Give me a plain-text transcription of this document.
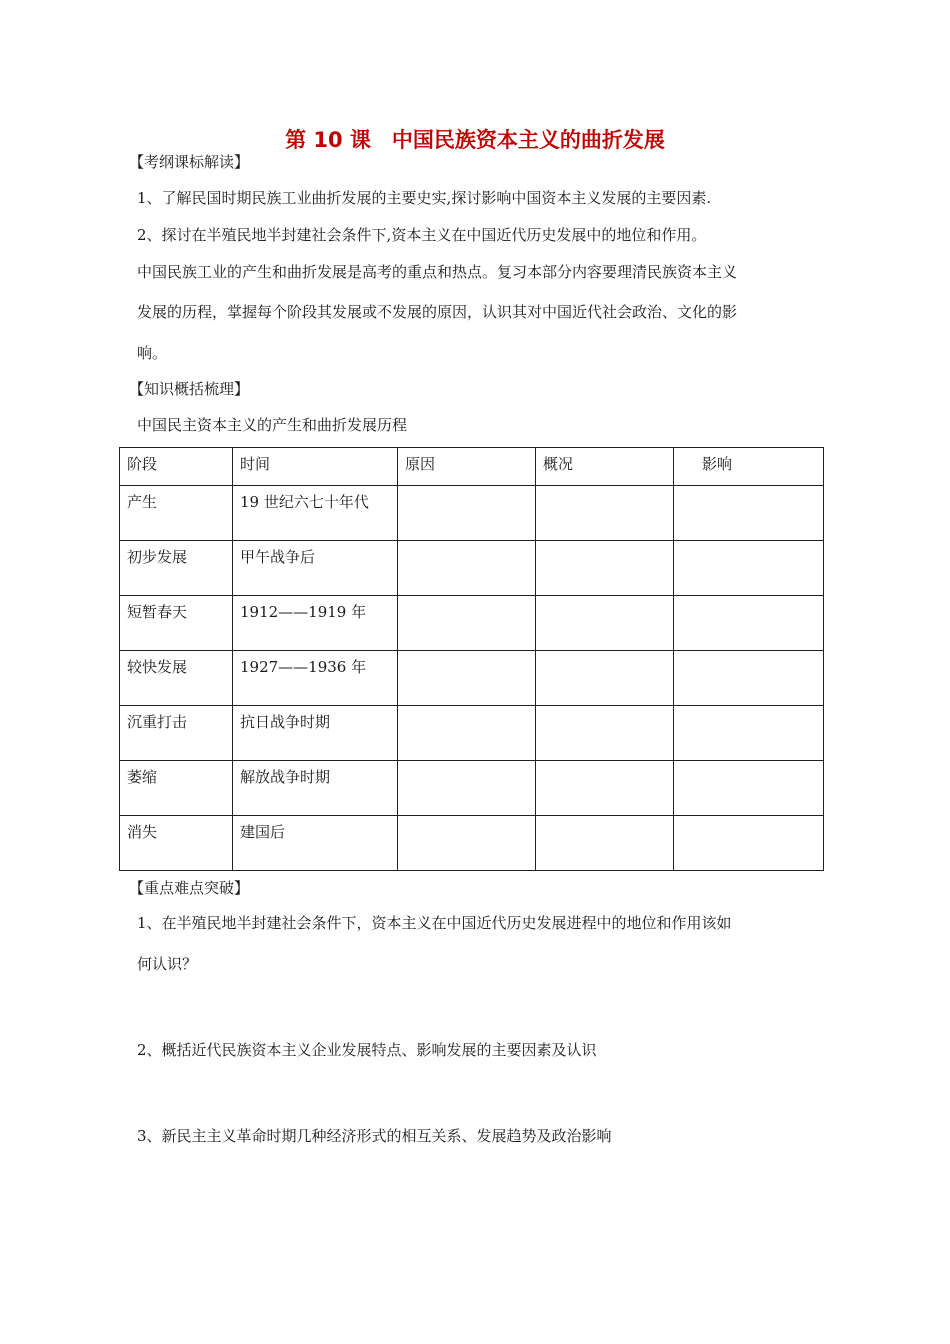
第 10 课　中国民族资本主义的曲折发展
【考纲课标解读】
1、了解民国时期民族工业曲折发展的主要史实,探讨影响中国资本主义发展的主要因素.
2、探讨在半殖民地半封建社会条件下,资本主义在中国近代历史发展中的地位和作用。
中国民族工业的产生和曲折发展是高考的重点和热点。复习本部分内容要理清民族资本主义
发展的历程，掌握每个阶段其发展或不发展的原因，认识其对中国近代社会政治、文化的影
响。
【知识概括梳理】
中国民主资本主义的产生和曲折发展历程
阶段	时间	原因	概况	影响
产生	19 世纪六七十年代			
初步发展	甲午战争后			
短暂春天	1912——1919 年			
较快发展	1927——1936 年			
沉重打击	抗日战争时期			
萎缩	解放战争时期			
消失	建国后			
【重点难点突破】
1、在半殖民地半封建社会条件下，资本主义在中国近代历史发展进程中的地位和作用该如
何认识？
2、概括近代民族资本主义企业发展特点、影响发展的主要因素及认识
3、新民主主义革命时期几种经济形式的相互关系、发展趋势及政治影响
